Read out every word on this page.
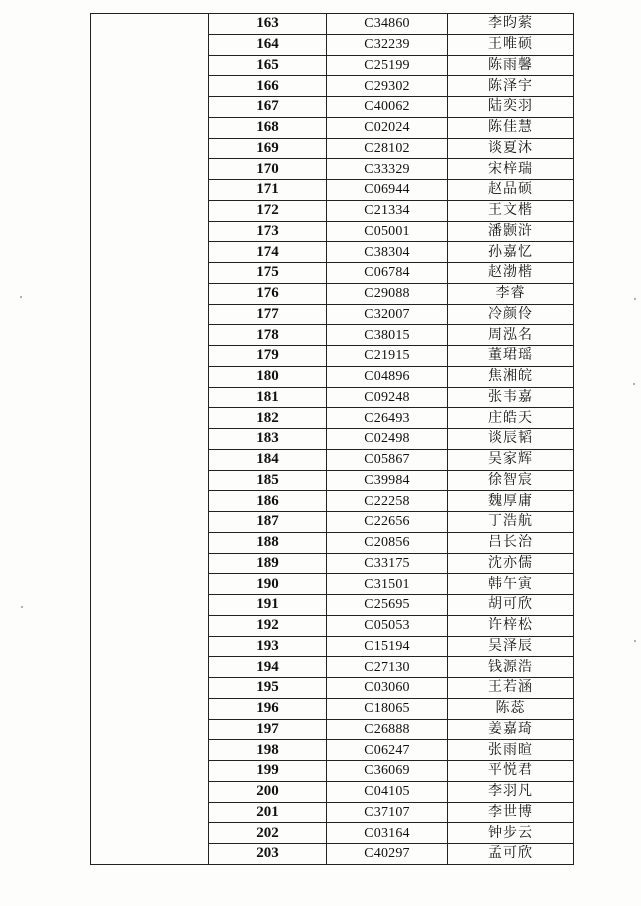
	163	C34860	李昀萦
	164	C32239	王唯硕
	165	C25199	陈雨馨
	166	C29302	陈泽宇
	167	C40062	陆奕羽
	168	C02024	陈佳慧
	169	C28102	谈夏沐
	170	C33329	宋梓瑞
	171	C06944	赵品硕
	172	C21334	王文楷
	173	C05001	潘颢浒
	174	C38304	孙嘉忆
	175	C06784	赵渤楷
	176	C29088	李睿
	177	C32007	冷颜伶
	178	C38015	周泓名
	179	C21915	董珺瑶
	180	C04896	焦湘皖
	181	C09248	张韦嘉
	182	C26493	庄皓天
	183	C02498	谈辰韬
	184	C05867	吴家辉
	185	C39984	徐智宸
	186	C22258	魏厚庸
	187	C22656	丁浩航
	188	C20856	吕长治
	189	C33175	沈亦儒
	190	C31501	韩午寅
	191	C25695	胡可欣
	192	C05053	许梓松
	193	C15194	吴泽辰
	194	C27130	钱源浩
	195	C03060	王若涵
	196	C18065	陈蕊
	197	C26888	姜嘉琦
	198	C06247	张雨暄
	199	C36069	平悦君
	200	C04105	李羽凡
	201	C37107	李世博
	202	C03164	钟步云
	203	C40297	孟可欣
